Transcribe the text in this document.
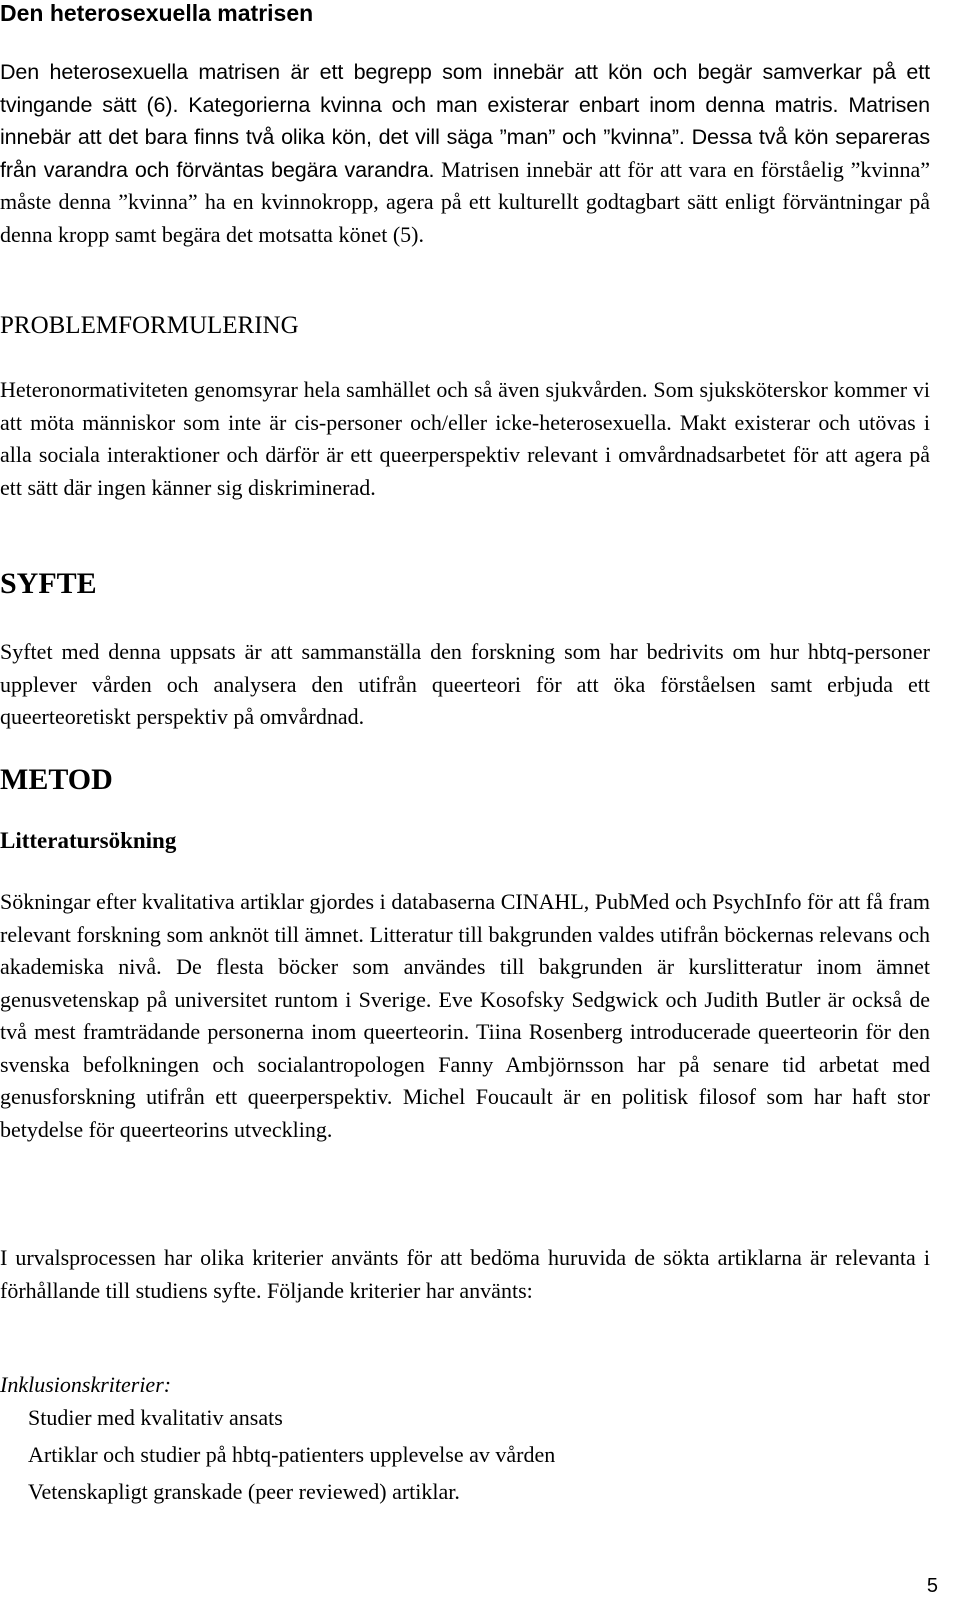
Den heterosexuella matrisen

Den heterosexuella matrisen är ett begrepp som innebär att kön och begär samverkar på ett tvingande sätt (6). Kategorierna kvinna och man existerar enbart inom denna matris. Matrisen innebär att det bara finns två olika kön, det vill säga ”man” och ”kvinna”. Dessa två kön separeras från varandra och förväntas begära varandra. Matrisen innebär att för att vara en förståelig ”kvinna” måste denna ”kvinna” ha en kvinnokropp, agera på ett kulturellt godtagbart sätt enligt förväntningar på denna kropp samt begära det motsatta könet (5).

PROBLEMFORMULERING

Heteronormativiteten genomsyrar hela samhället och så även sjukvården. Som sjuksköterskor kommer vi att möta människor som inte är cis-personer och/eller icke-heterosexuella. Makt existerar och utövas i alla sociala interaktioner och därför är ett queerperspektiv relevant i omvårdnadsarbetet för att agera på ett sätt där ingen känner sig diskriminerad.

SYFTE

Syftet med denna uppsats är att sammanställa den forskning som har bedrivits om hur hbtq-personer upplever vården och analysera den utifrån queerteori för att öka förståelsen samt erbjuda ett queerteoretiskt perspektiv på omvårdnad.

METOD
Litteratursökning

Sökningar efter kvalitativa artiklar gjordes i databaserna CINAHL, PubMed och PsychInfo för att få fram relevant forskning som anknöt till ämnet. Litteratur till bakgrunden valdes utifrån böckernas relevans och akademiska nivå. De flesta böcker som användes till bakgrunden är kurslitteratur inom ämnet genusvetenskap på universitet runtom i Sverige. Eve Kosofsky Sedgwick och Judith Butler är också de två mest framträdande personerna inom queerteorin. Tiina Rosenberg introducerade queerteorin för den svenska befolkningen och socialantropologen Fanny Ambjörnsson har på senare tid arbetat med genusforskning utifrån ett queerperspektiv. Michel Foucault är en politisk filosof som har haft stor betydelse för queerteorins utveckling.

I urvalsprocessen har olika kriterier använts för att bedöma huruvida de sökta artiklarna är relevanta i förhållande till studiens syfte. Följande kriterier har använts:

Inklusionskriterier:

Studier med kvalitativ ansats
Artiklar och studier på hbtq-patienters upplevelse av vården
Vetenskapligt granskade (peer reviewed) artiklar.
5
